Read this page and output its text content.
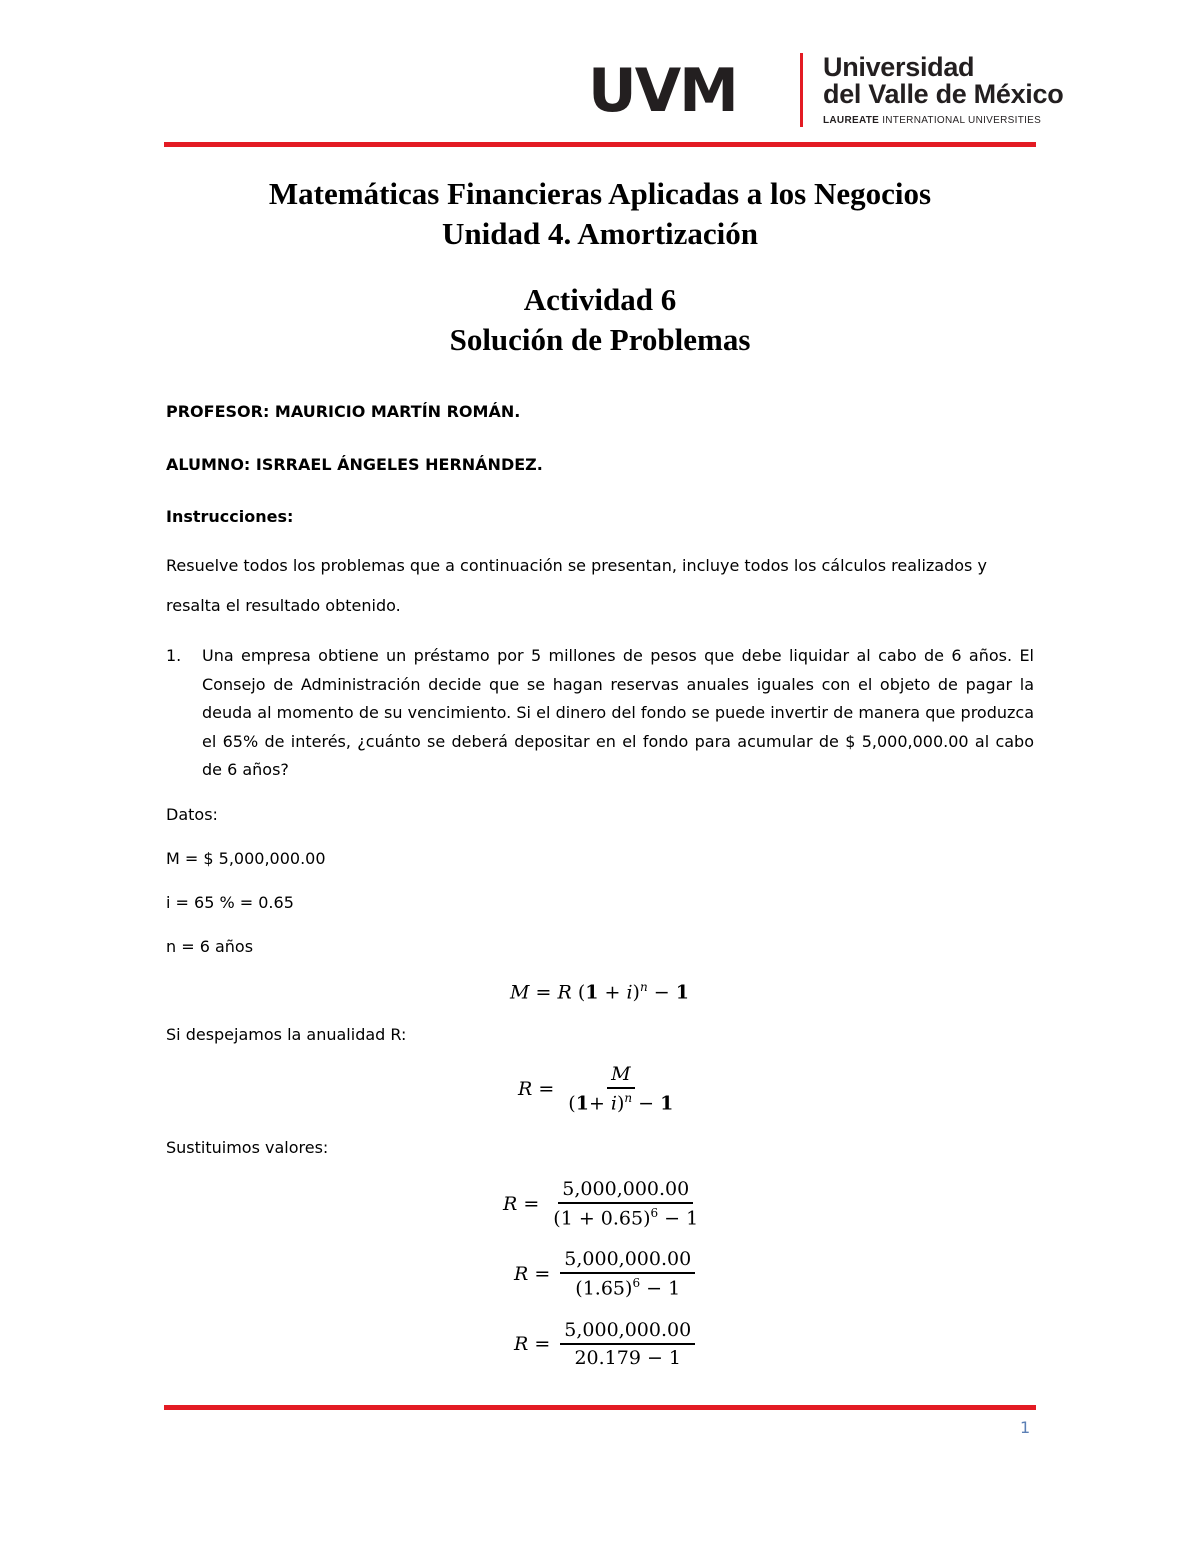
UVM	Universidad
del Valle de México
LAUREATE INTERNATIONAL UNIVERSITIES
Matemáticas Financieras Aplicadas a los Negocios
Unidad 4. Amortización
Actividad 6
Solución de Problemas
PROFESOR: MAURICIO MARTÍN ROMÁN.
ALUMNO: ISRRAEL ÁNGELES HERNÁNDEZ.
Instrucciones:
Resuelve todos los problemas que a continuación se presentan, incluye todos los cálculos realizados y resalta el resultado obtenido.
1. Una empresa obtiene un préstamo por 5 millones de pesos que debe liquidar al cabo de 6 años. El Consejo de Administración decide que se hagan reservas anuales iguales con el objeto de pagar la deuda al momento de su vencimiento. Si el dinero del fondo se puede invertir de manera que produzca el 65% de interés, ¿cuánto se deberá depositar en el fondo para acumular de $ 5,000,000.00 al cabo de 6 años?
Datos:
M = $ 5,000,000.00
i = 65 % = 0.65
n = 6 años
M = R $(1 + i)^n - 1$
Si despejamos la anualidad R:
$R = \frac{M}{(1+ i)^n - 1}$
Sustituimos valores:
$R = \frac{5,000,000.00}{(1 + 0.65)^6 - 1}$
$R = \frac{5,000,000.00}{(1.65)^6 - 1}$
$R = \frac{5,000,000.00}{20.179 - 1}$
1
